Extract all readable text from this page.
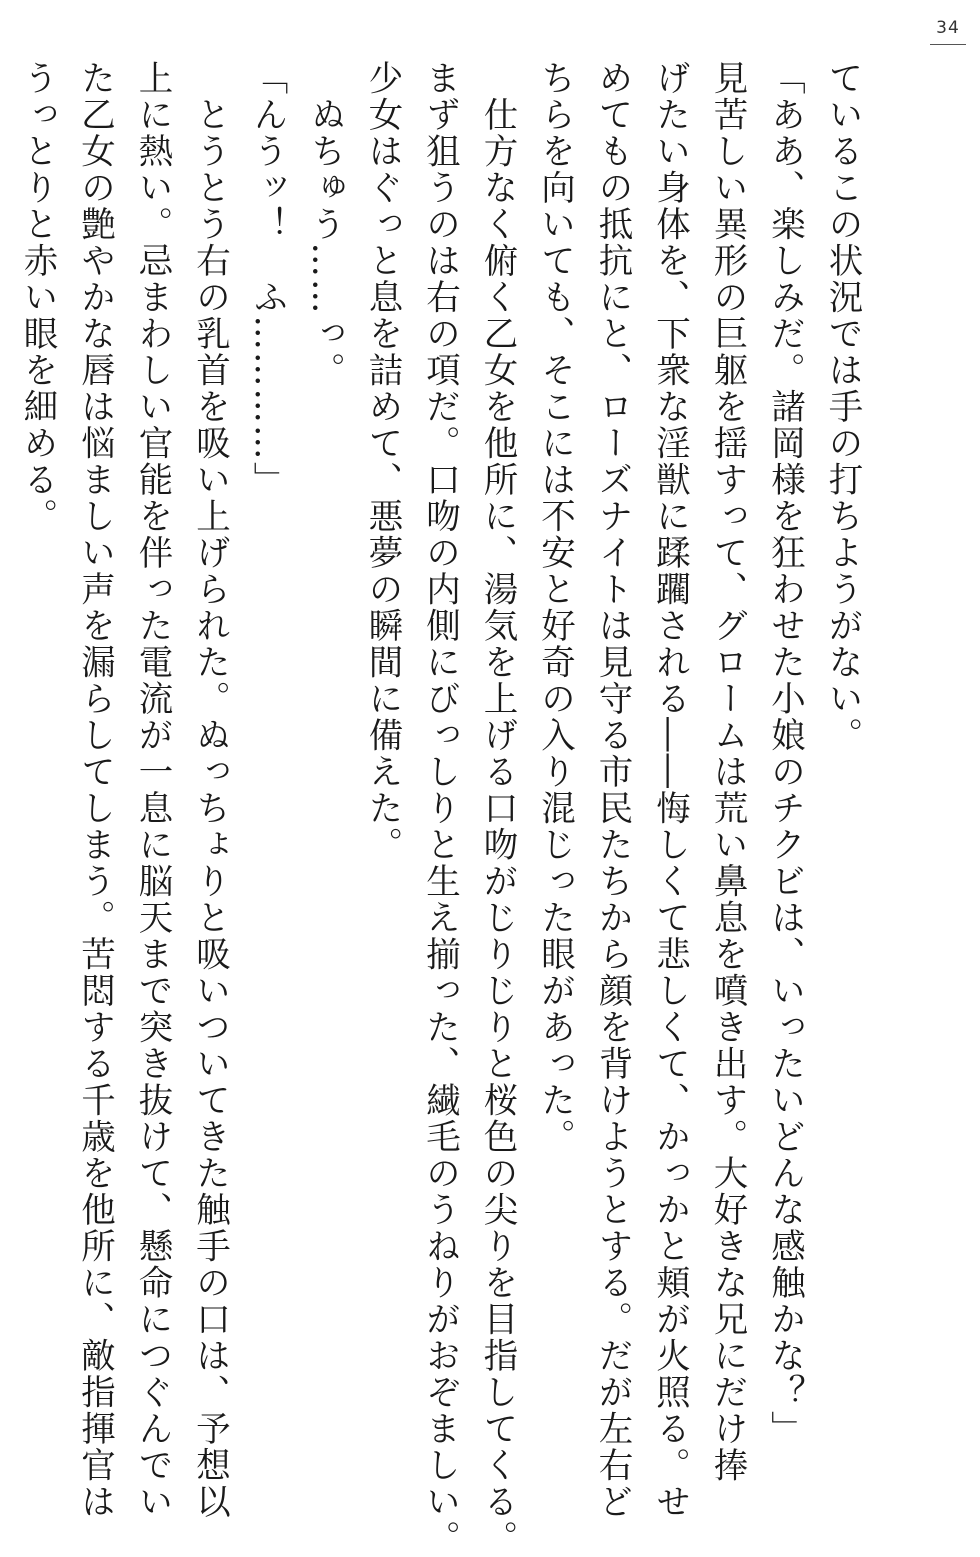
34
ているこの状況では手の打ちようがない。
「ああ、楽しみだ。諸岡様を狂わせた小娘のチクビは、いったいどんな感触かな？」
見苦しい異形の巨躯を揺すって、グロームは荒い鼻息を噴き出す。大好きな兄にだけ捧
げたい身体を、下衆な淫獣に蹂躙される――悔しくて悲しくて、かっかと頬が火照る。せ
めてもの抵抗にと、ローズナイトは見守る市民たちから顔を背けようとする。だが左右ど
ちらを向いても、そこには不安と好奇の入り混じった眼があった。
　仕方なく俯く乙女を他所に、湯気を上げる口吻がじりじりと桜色の尖りを目指してくる。
まず狙うのは右の項だ。口吻の内側にびっしりと生え揃った、繊毛のうねりがおぞましい。
少女はぐっと息を詰めて、悪夢の瞬間に備えた。
　ぬちゅう……っ。
「んうッ！　ふ…………」
　とうとう右の乳首を吸い上げられた。ぬっちょりと吸いついてきた触手の口は、予想以
上に熱い。忌まわしい官能を伴った電流が一息に脳天まで突き抜けて、懸命につぐんでい
た乙女の艶やかな唇は悩ましい声を漏らしてしまう。苦悶する千歳を他所に、敵指揮官は
うっとりと赤い眼を細める。
